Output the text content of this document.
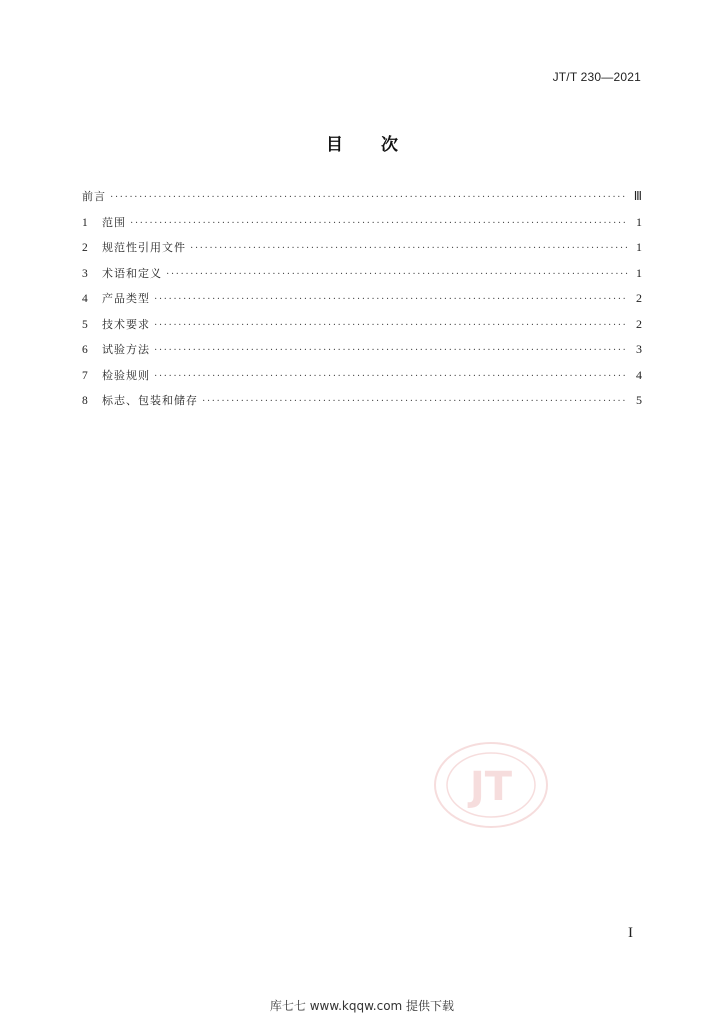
JT/T 230—2021
目 次
前言 ·····	Ⅲ
1	范围 ·····	1
2	规范性引用文件 ·····	1
3	术语和定义 ·····	1
4	产品类型 ·····	2
5	技术要求 ·····	2
6	试验方法 ·····	3
7	检验规则 ·····	4
8	标志、包装和储存 ·····	5
JT
I
库七七 www.kqqw.com 提供下载
